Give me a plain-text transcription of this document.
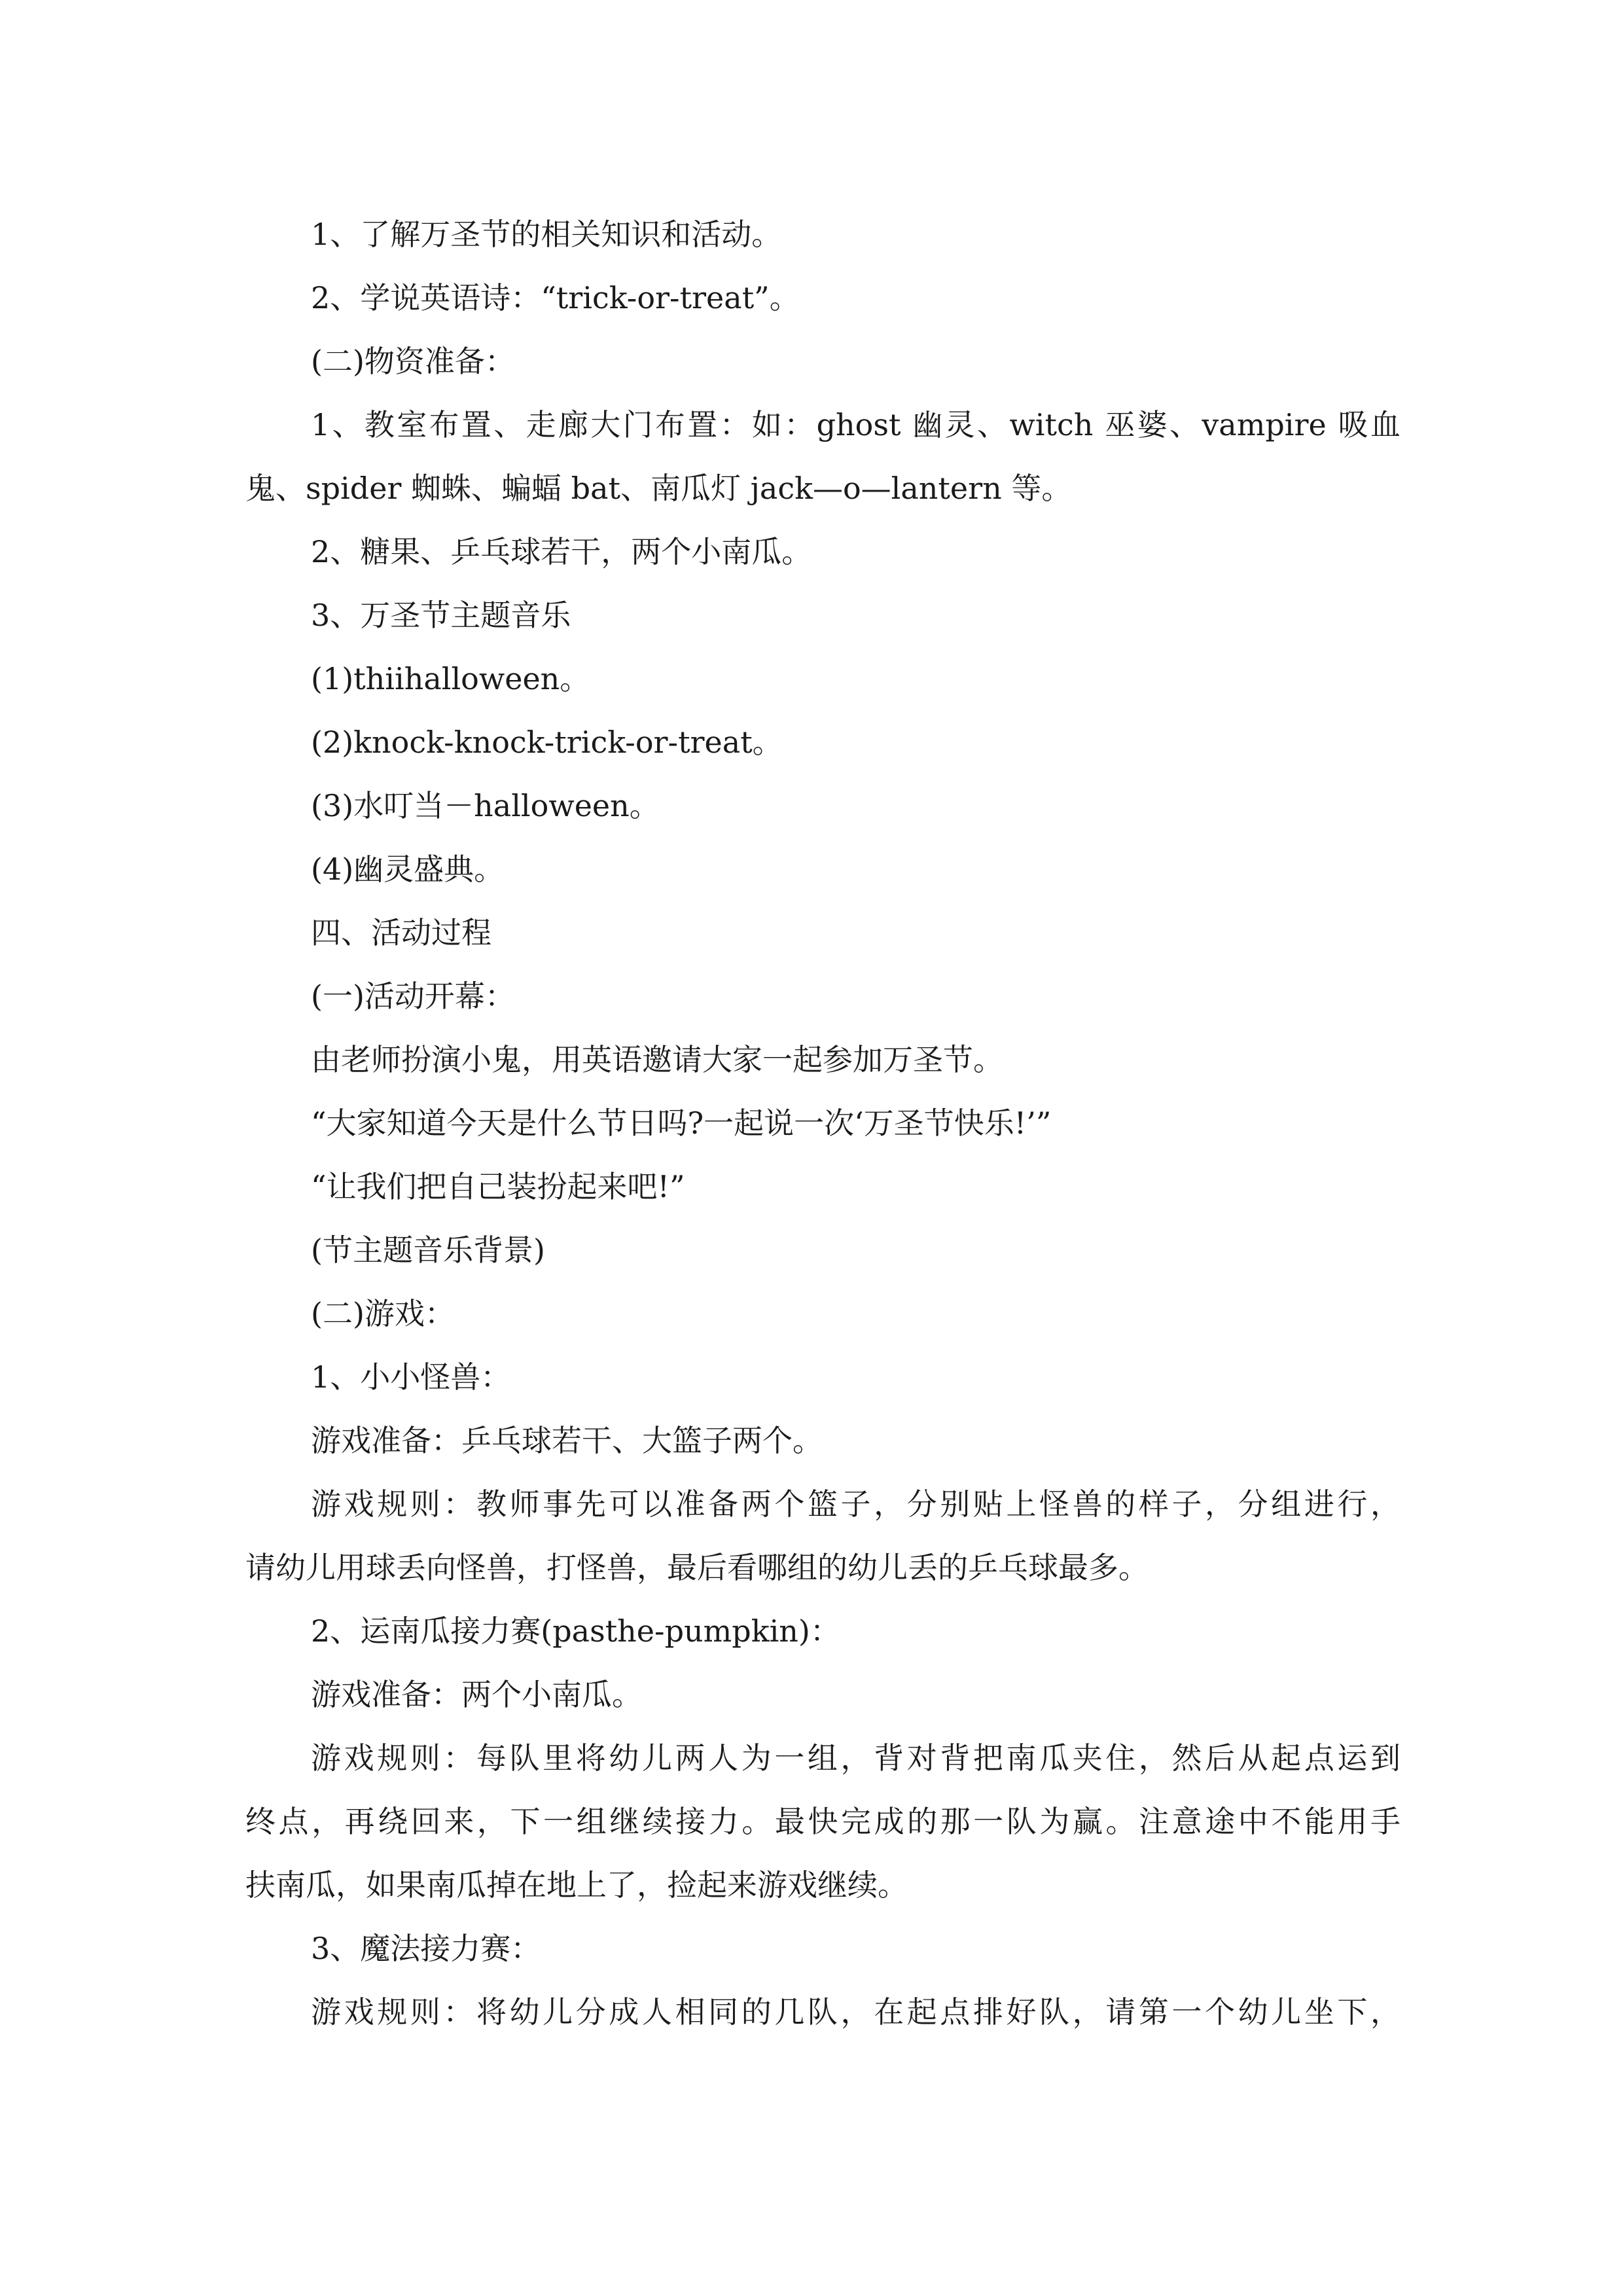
1、了解万圣节的相关知识和活动。
2、学说英语诗：“trick-or-treat”。
(二)物资准备：
1、教室布置、走廊大门布置：如：ghost 幽灵、witch 巫婆、vampire 吸血
鬼、spider 蜘蛛、蝙蝠 bat、南瓜灯 jack—o—lantern 等。
2、糖果、乒乓球若干，两个小南瓜。
3、万圣节主题音乐
(1)thiihalloween。
(2)knock-knock-trick-or-treat。
(3)水叮当－halloween。
(4)幽灵盛典。
四、活动过程
(一)活动开幕：
由老师扮演小鬼，用英语邀请大家一起参加万圣节。
“大家知道今天是什么节日吗?一起说一次‘万圣节快乐!’”
“让我们把自己装扮起来吧!”
(节主题音乐背景)
(二)游戏：
1、小小怪兽：
游戏准备：乒乓球若干、大篮子两个。
游戏规则：教师事先可以准备两个篮子，分别贴上怪兽的样子，分组进行，
请幼儿用球丢向怪兽，打怪兽，最后看哪组的幼儿丢的乒乓球最多。
2、运南瓜接力赛(pasthe-pumpkin)：
游戏准备：两个小南瓜。
游戏规则：每队里将幼儿两人为一组，背对背把南瓜夹住，然后从起点运到
终点，再绕回来，下一组继续接力。最快完成的那一队为赢。注意途中不能用手
扶南瓜，如果南瓜掉在地上了，捡起来游戏继续。
3、魔法接力赛：
游戏规则：将幼儿分成人相同的几队，在起点排好队，请第一个幼儿坐下，
